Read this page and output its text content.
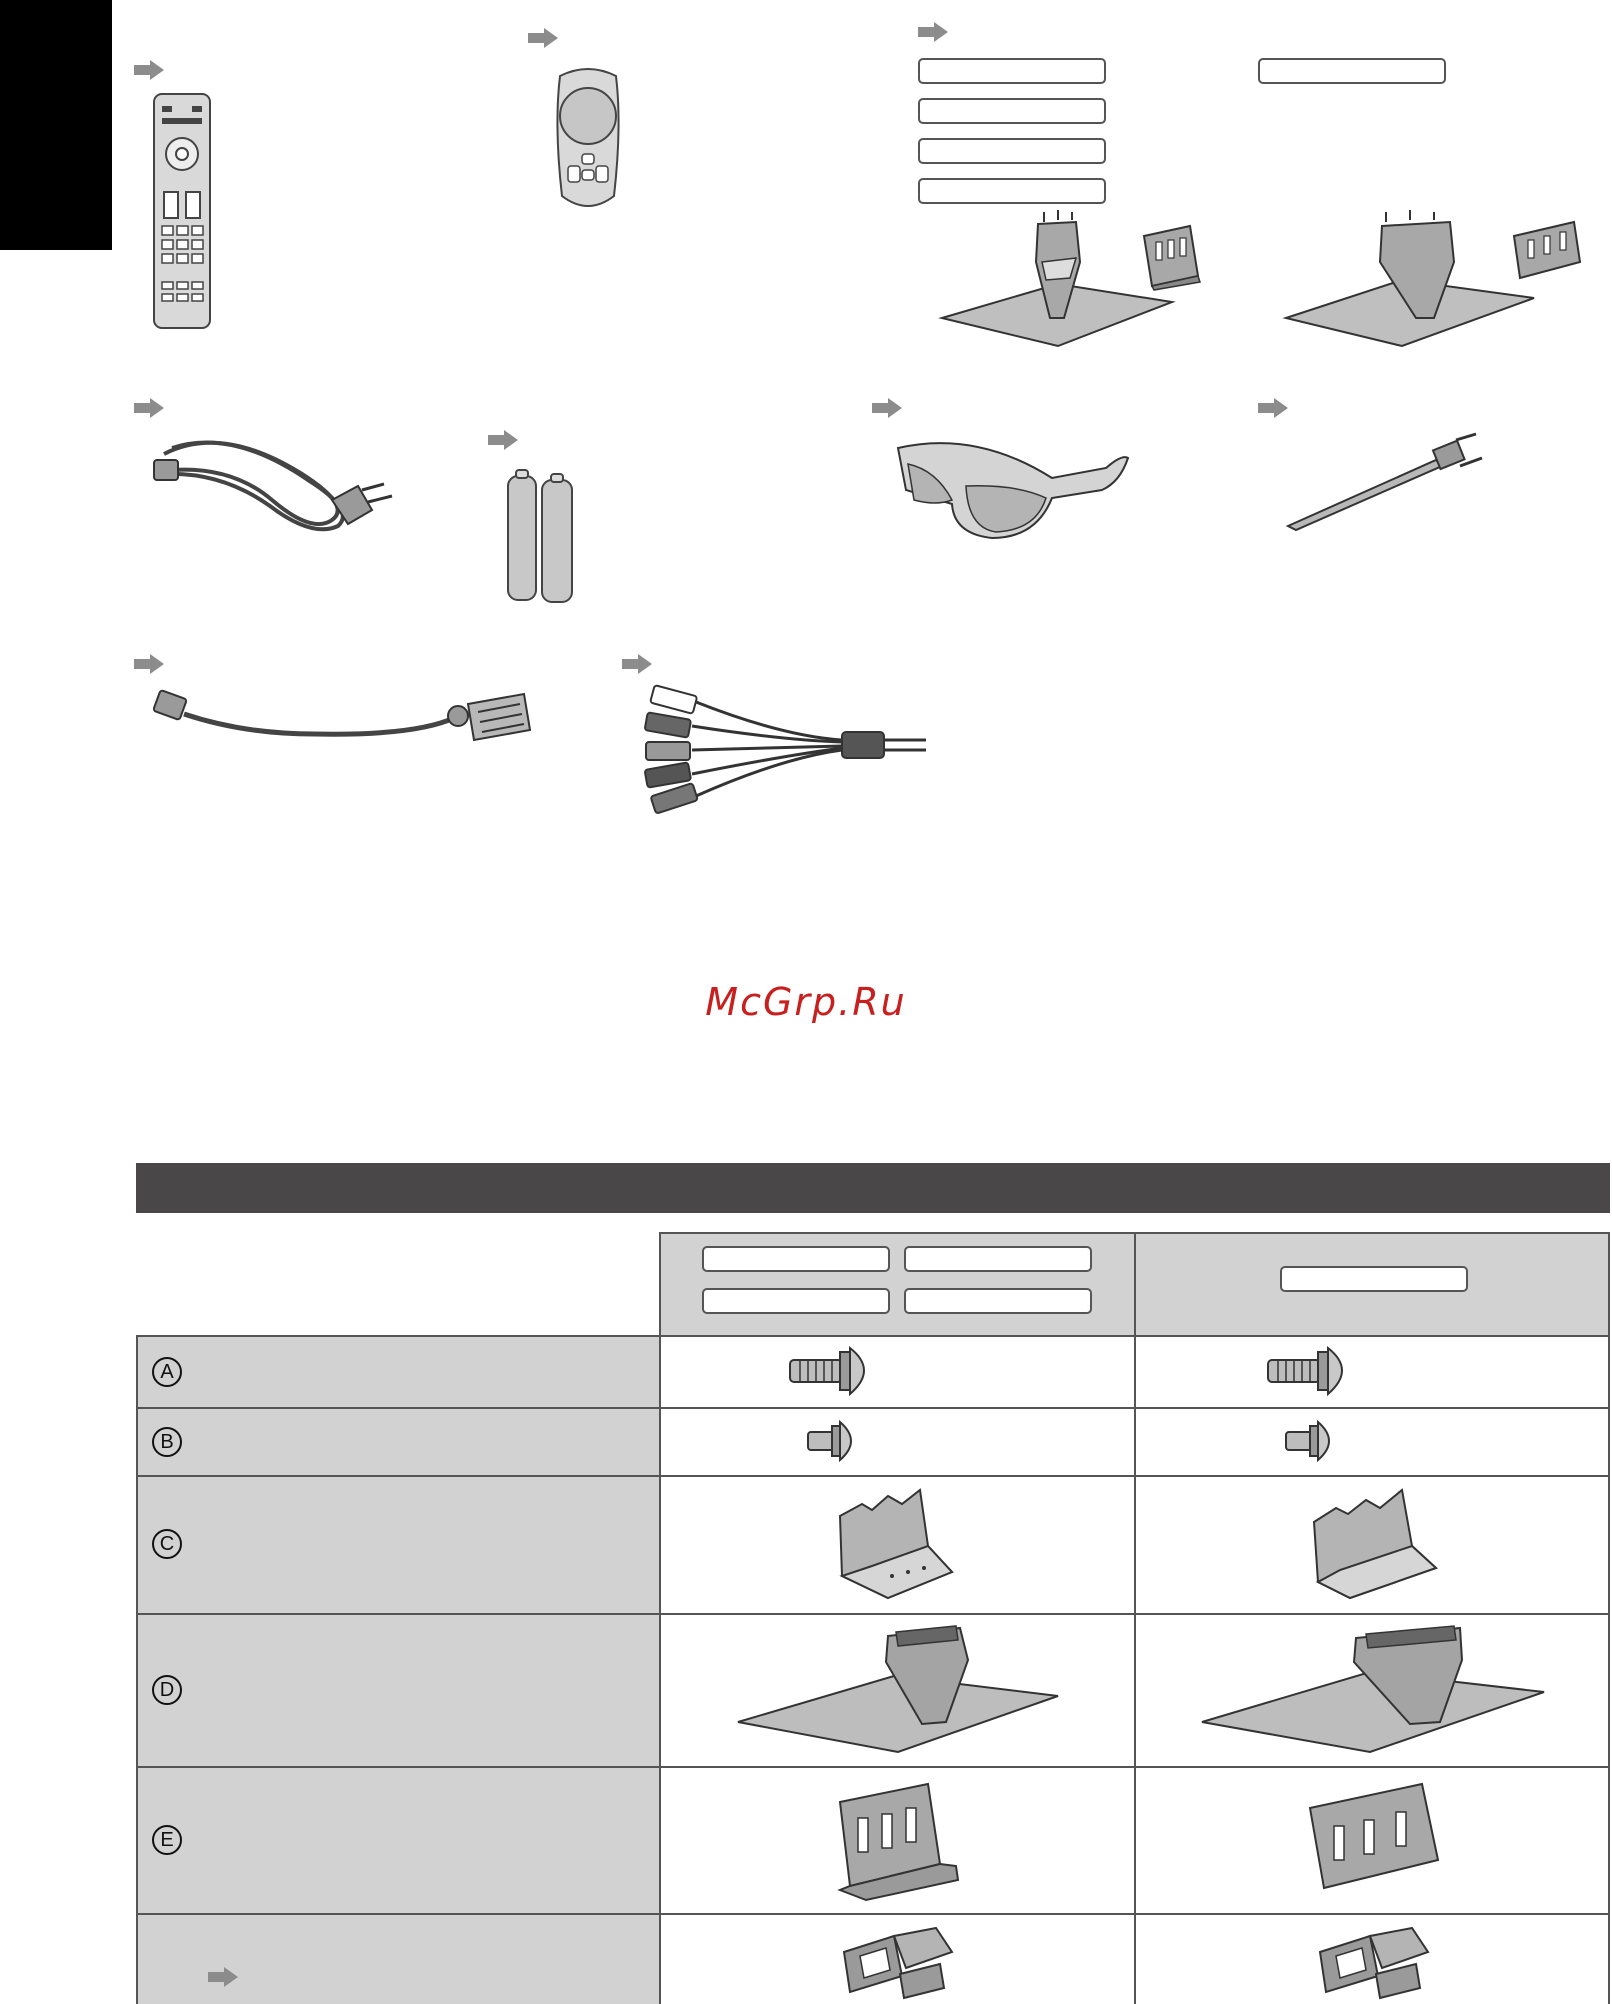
McGrp.Ru
A
B
C
D
E
